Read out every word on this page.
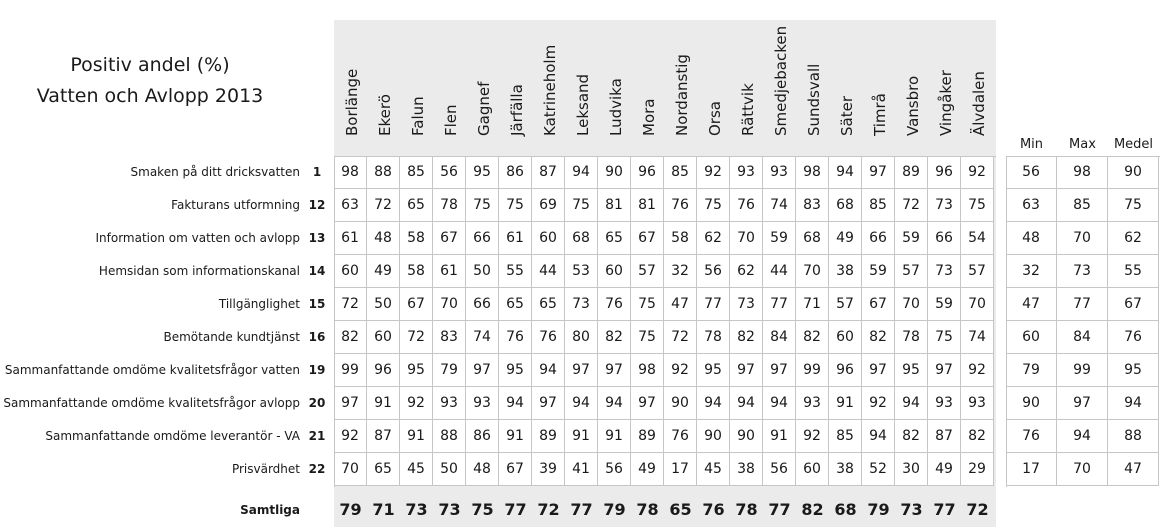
Positiv andel (%)
Vatten och Avlopp 2013	Borlänge Ekerö Falun Flen Gagnef Järfälla Katrineholm Leksand Ludvika Mora Nordanstig Orsa Rättvik Smedjebacken Sundsvall Säter Timrå Vansbro Vingåker Älvdalen
Min	Max	Medel
Smaken på ditt dricksvatten	1	98	88	85	56	95	86	87	94	90	96	85	92	93	93	98	94	97	89	96	92	56	98	90
Fakturans utformning 12	63	72	65	78	75	75	69	75	81	81	76	75	76	74	83	68	85	72	73	75	63	85	75
Information om vatten och avlopp 13	61	48	58	67	66	61	60	68	65	67	58	62	70	59	68	49	66	59	66	54	48	70	62
Hemsidan som informationskanal 14	60	49	58	61	50	55	44	53	60	57	32	56	62	44	70	38	59	57	73	57	32	73	55
Tillgänglighet 15	72	50	67	70	66	65	65	73	76	75	47	77	73	77	71	57	67	70	59	70	47	77	67
Bemötande kundtjänst 16	82	60	72	83	74	76	76	80	82	75	72	78	82	84	82	60	82	78	75	74	60	84	76
Sammanfattande omdöme kvalitetsfrågor vatten 19	99	96	95	79	97	95	94	97	97	98	92	95	97	97	99	96	97	95	97	92	79	99	95
Sammanfattande omdöme kvalitetsfrågor avlopp 20	97	91	92	93	93	94	97	94	94	97	90	94	94	94	93	91	92	94	93	93	90	97	94
Sammanfattande omdöme leverantör - VA 21	92	87	91	88	86	91	89	91	91	89	76	90	90	91	92	85	94	82	87	82	76	94	88
Prisvärdhet 22	70	65	45	50	48	67	39	41	56	49	17	45	38	56	60	38	52	30	49	29	17	70	47
Samtliga	79 71 73 73 75 77 72 77 79 78 65 76 78 77 82 68 79 73 77 72
